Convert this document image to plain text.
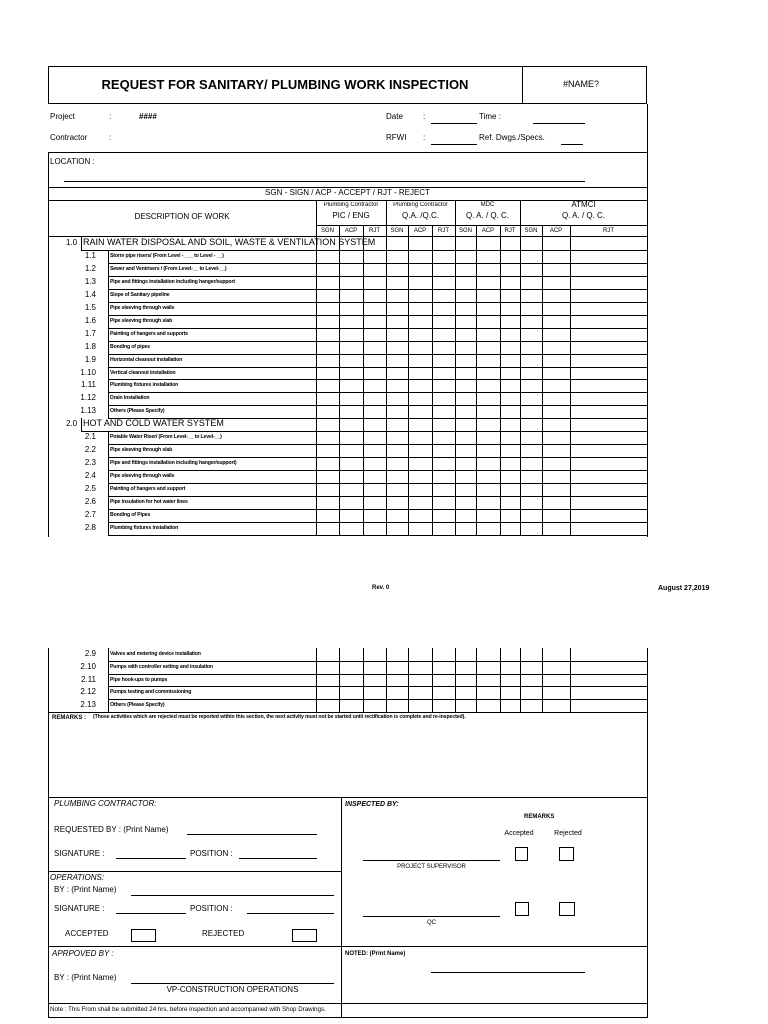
REQUEST FOR SANITARY/ PLUMBING WORK INSPECTION	#NAME?
Project	:	####
Contractor	:
Date	:	Time :
RFWI :	Ref. Dwgs./Specs.
LOCATION :
SGN - SIGN / ACP - ACCEPT / RJT - REJECT
DESCRIPTION OF WORK
Plumbing Contractor
PIC / ENG
Plumbing Contractor
Q.A. /Q.C.
MDC
Q. A. / Q. C.
ATMCI
Q. A. / Q. C.
SGN	ACP	RJT	SGN	ACP	RJT	SGN	ACP	RJT	SGN	ACP	RJT
1.0 RAIN WATER DISPOSAL AND SOIL, WASTE & VENTILATION SYSTEM
1.1	Storm pipe risers/ (From Level - ___ to Level - __)
1.2	Sewer and Ventrisers / (From Level-__ to Level-__)
1.3	Pipe and fittings installation including hanger/support
1.4	Slope of Sanitary pipeline
1.5	Pipe sleeving through walls
1.6	Pipe sleeving through slab
1.7	Painting of hangers and supports
1.8	Bonding of pipes
1.9	Horizontal cleanout installation
1.10	Vertical cleanout installation
1.11	Plumbing fixtures installation
1.12	Drain Installation
1.13	Others (Please Specify)
2.0 HOT AND COLD WATER SYSTEM
2.1	Potable Water Riser/ (From Level-__ to Level-__)
2.2	Pipe sleeving through slab
2.3	Pipe and fittings installation including hanger/support)
2.4	Pipe sleeving through walls
2.5	Painting of hangers and support
2.6	Pipe insulation for hot water lines
2.7	Bonding of Pipes
2.8	Plumbing fixtures installation
Rev. 0	August 27,2019
2.9	Valves and metering device installation
2.10	Pumps with controller setting and insulation
2.11	Pipe hook-ups to pumps
2.12	Pumps testing and commissioning
2.13	Others (Please Specify)
REMARKS : (Those activities which are rejected must be reported within this section, the next activity must not be started until rectification is complete and re-inspected).
PLUMBING CONTRACTOR:
REQUESTED BY : (Print Name)
SIGNATURE :	POSITION :
INSPECTED BY:
REMARKS
Accepted	Rejected
PROJECT SUPERVISOR
QC
OPERATIONS:
BY : (Print Name)
SIGNATURE :	POSITION :
ACCEPTED	REJECTED
APRPOVED BY :
BY : (Print Name)
VP-CONSTRUCTION OPERATIONS
NOTED: (Print Name)
Note : This From shall be submitted 24 hrs. before inspection and accompanied with Shop Drawings.
